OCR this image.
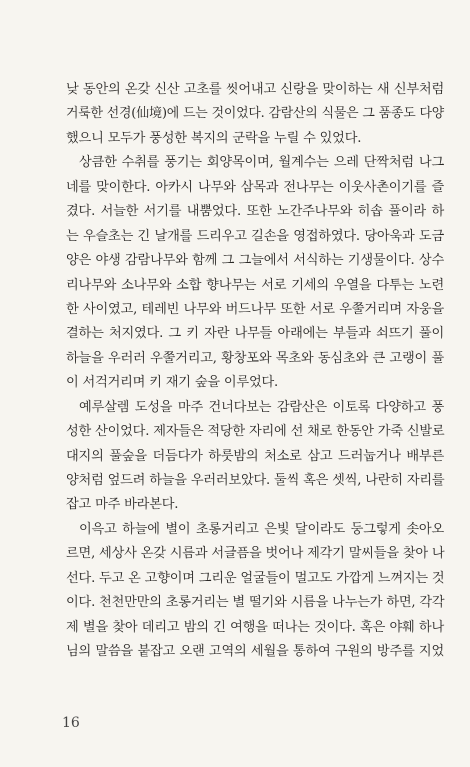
낮 동안의 온갖 신산 고초를 씻어내고 신랑을 맞이하는 새 신부처럼
거룩한 선경(仙境)에 드는 것이었다. 감람산의 식물은 그 품종도 다양
했으니 모두가 풍성한 복지의 군락을 누릴 수 있었다.
상큼한 수취를 풍기는 회양목이며, 월계수는 으레 단짝처럼 나그
네를 맞이한다. 아카시 나무와 삼목과 전나무는 이웃사촌이기를 즐
겼다. 서늘한 서기를 내뿜었다. 또한 노간주나무와 히솝 풀이라 하
는 우슬초는 긴 날개를 드리우고 길손을 영접하였다. 당아욱과 도금
양은 야생 감람나무와 함께 그 그늘에서 서식하는 기생물이다. 상수
리나무와 소나무와 소합 향나무는 서로 기세의 우열을 다투는 노련
한 사이였고, 테레빈 나무와 버드나무 또한 서로 우쭐거리며 자웅을
결하는 처지였다. 그 키 자란 나무들 아래에는 부들과 쇠뜨기 풀이
하늘을 우러러 우쭐거리고, 황창포와 목초와 동심초와 큰 고랭이 풀
이 서걱거리며 키 재기 숲을 이루었다.
예루살렘 도성을 마주 건너다보는 감람산은 이토록 다양하고 풍
성한 산이었다. 제자들은 적당한 자리에 선 채로 한동안 가죽 신발로
대지의 풀숲을 더듬다가 하룻밤의 처소로 삼고 드러눕거나 배부른
양처럼 엎드려 하늘을 우러러보았다. 둘씩 혹은 셋씩, 나란히 자리를
잡고 마주 바라본다.
이윽고 하늘에 별이 초롱거리고 은빛 달이라도 둥그렇게 솟아오
르면, 세상사 온갖 시름과 서글픔을 벗어나 제각기 말씨들을 찾아 나
선다. 두고 온 고향이며 그리운 얼굴들이 멀고도 가깝게 느껴지는 것
이다. 천천만만의 초롱거리는 별 떨기와 시름을 나누는가 하면, 각각
제 별을 찾아 데리고 밤의 긴 여행을 떠나는 것이다. 혹은 야훼 하나
님의 말씀을 붙잡고 오랜 고역의 세월을 통하여 구원의 방주를 지었
16
